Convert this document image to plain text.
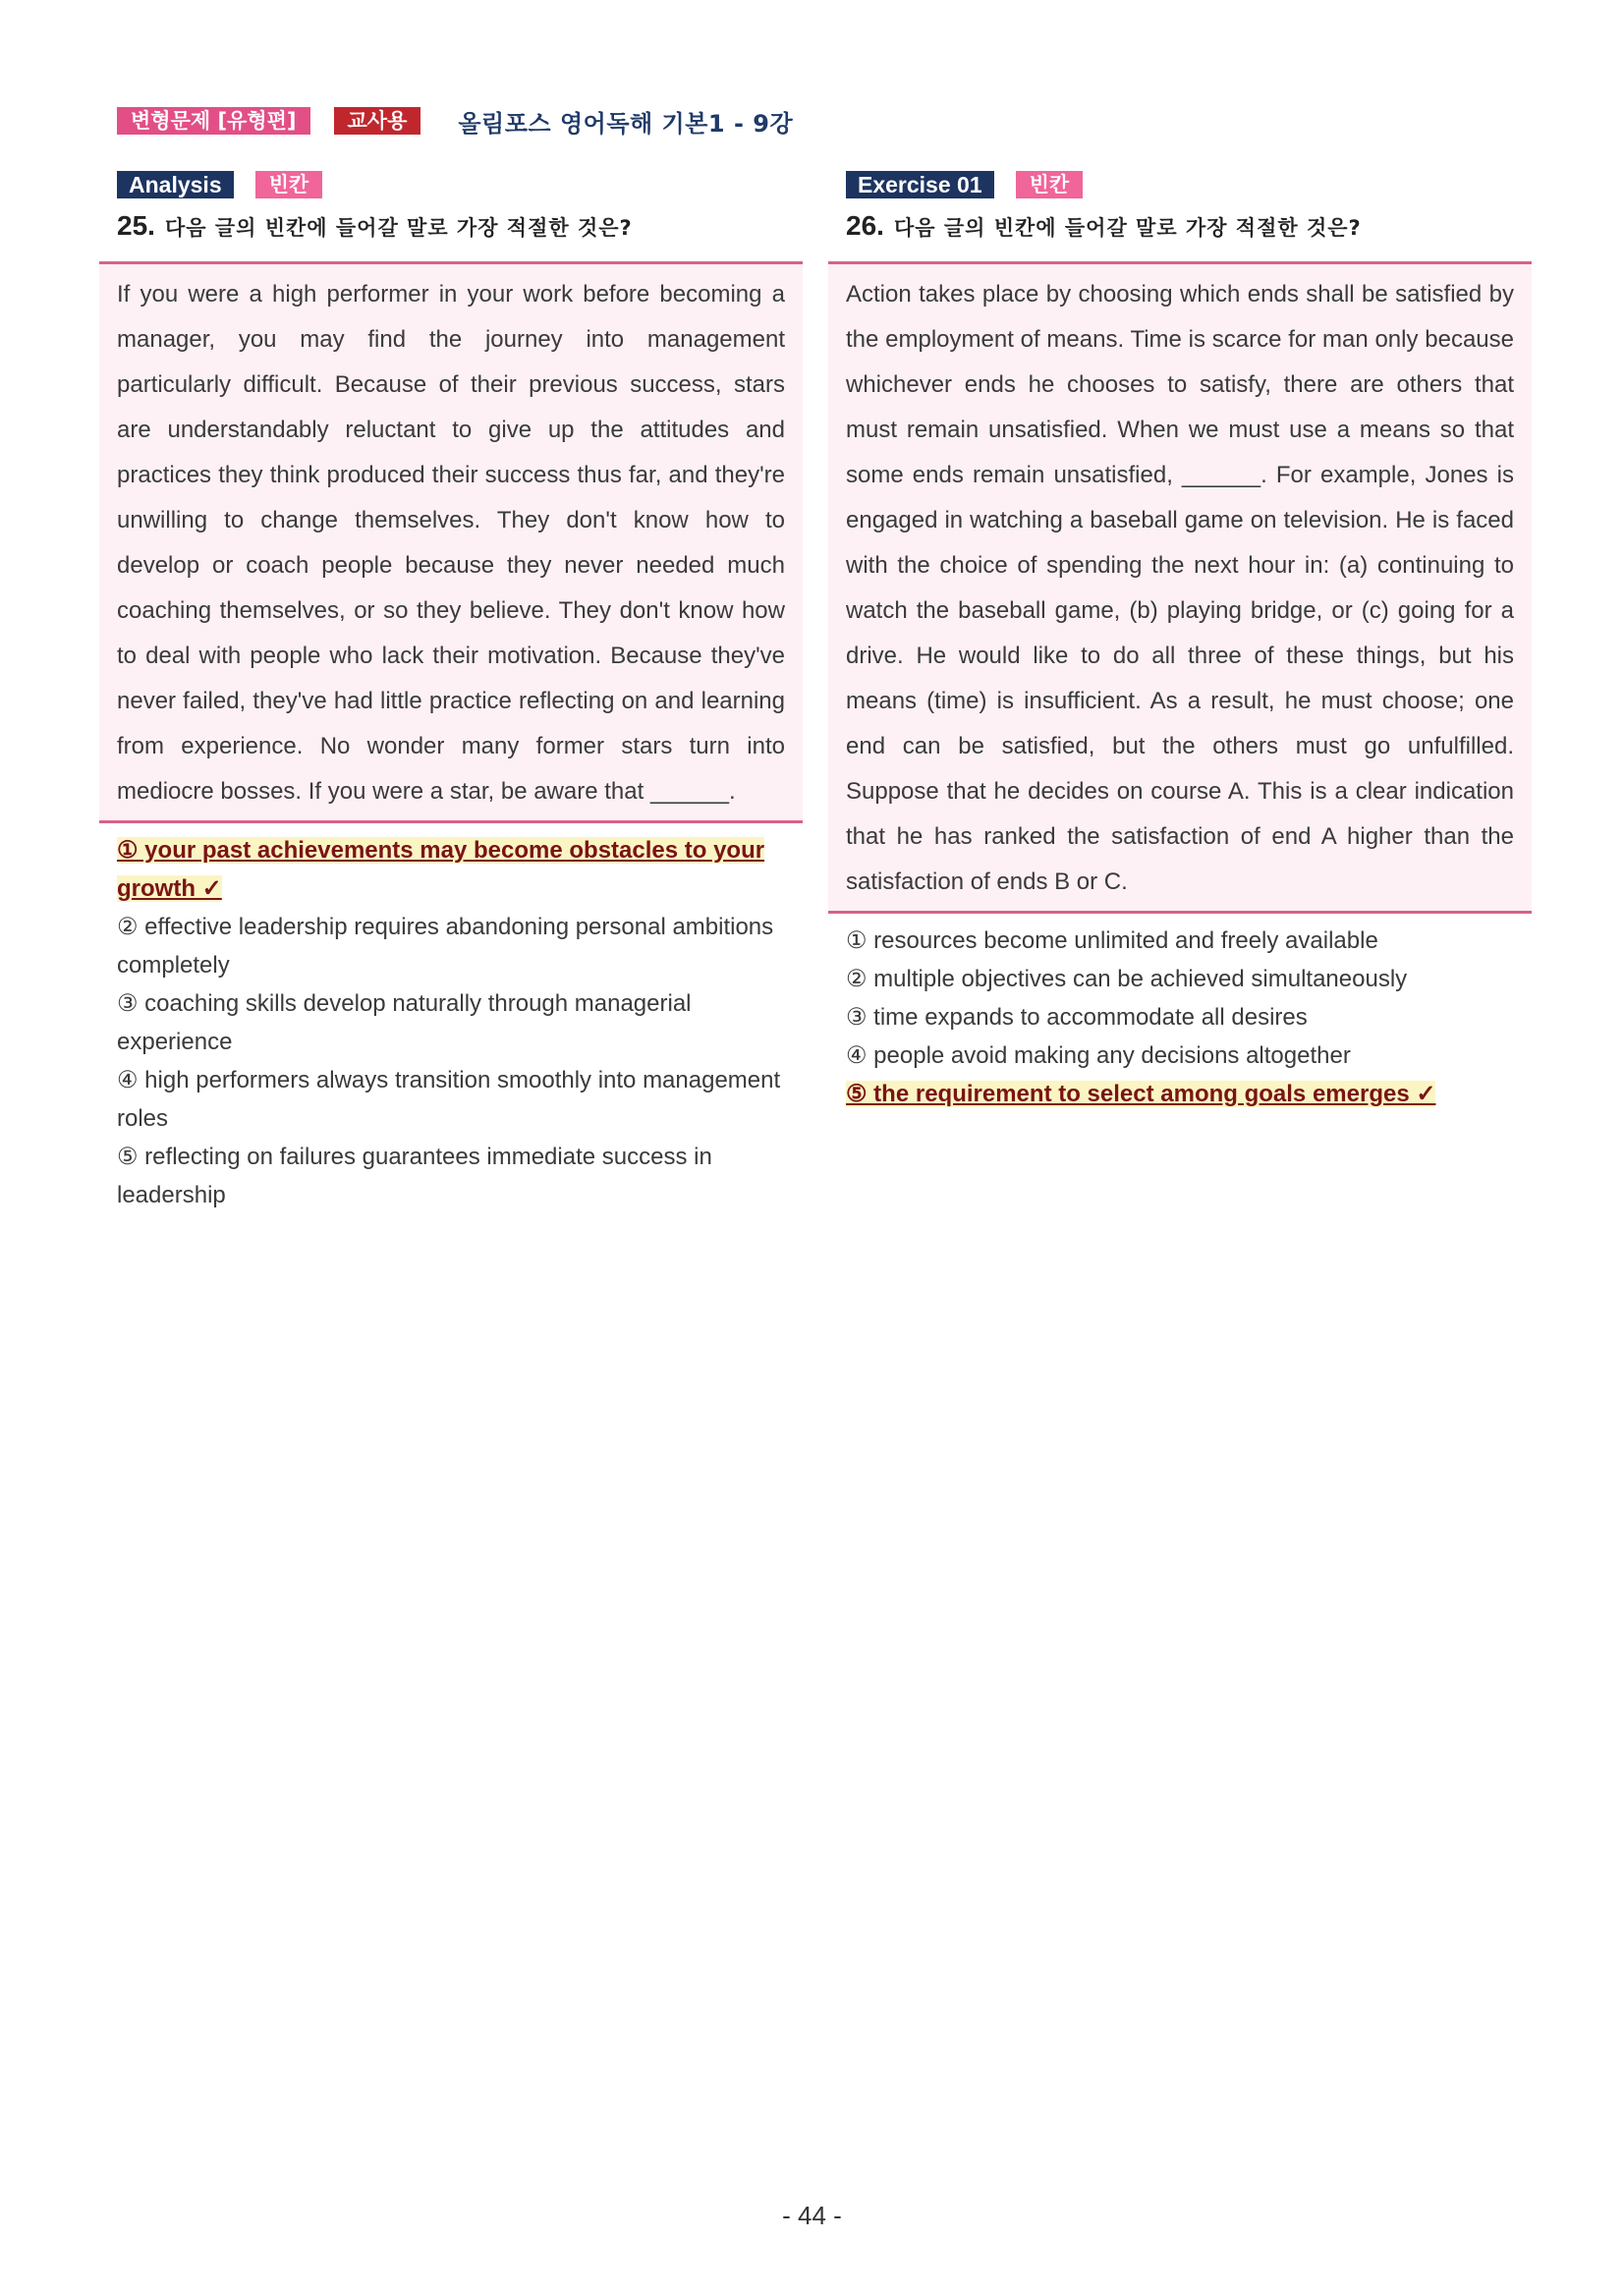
변형문제 [유형편]	교사용	올림포스 영어독해 기본1 - 9강
Analysis	빈칸
25. 다음 글의 빈칸에 들어갈 말로 가장 적절한 것은?
If you were a high performer in your work before becoming a manager, you may find the journey into management particularly difficult. Because of their previous success, stars are understandably reluctant to give up the attitudes and practices they think produced their success thus far, and they're unwilling to change themselves. They don't know how to develop or coach people because they never needed much coaching themselves, or so they believe. They don't know how to deal with people who lack their motivation. Because they've never failed, they've had little practice reflecting on and learning from experience. No wonder many former stars turn into mediocre bosses. If you were a star, be aware that ______.
① your past achievements may become obstacles to your growth ✓
② effective leadership requires abandoning personal ambitions completely
③ coaching skills develop naturally through managerial experience
④ high performers always transition smoothly into management roles
⑤ reflecting on failures guarantees immediate success in leadership
Exercise 01	빈칸
26. 다음 글의 빈칸에 들어갈 말로 가장 적절한 것은?
Action takes place by choosing which ends shall be satisfied by the employment of means. Time is scarce for man only because whichever ends he chooses to satisfy, there are others that must remain unsatisfied. When we must use a means so that some ends remain unsatisfied, ______. For example, Jones is engaged in watching a baseball game on television. He is faced with the choice of spending the next hour in: (a) continuing to watch the baseball game, (b) playing bridge, or (c) going for a drive. He would like to do all three of these things, but his means (time) is insufficient. As a result, he must choose; one end can be satisfied, but the others must go unfulfilled. Suppose that he decides on course A. This is a clear indication that he has ranked the satisfaction of end A higher than the satisfaction of ends B or C.
① resources become unlimited and freely available
② multiple objectives can be achieved simultaneously
③ time expands to accommodate all desires
④ people avoid making any decisions altogether
⑤ the requirement to select among goals emerges ✓
- 44 -
